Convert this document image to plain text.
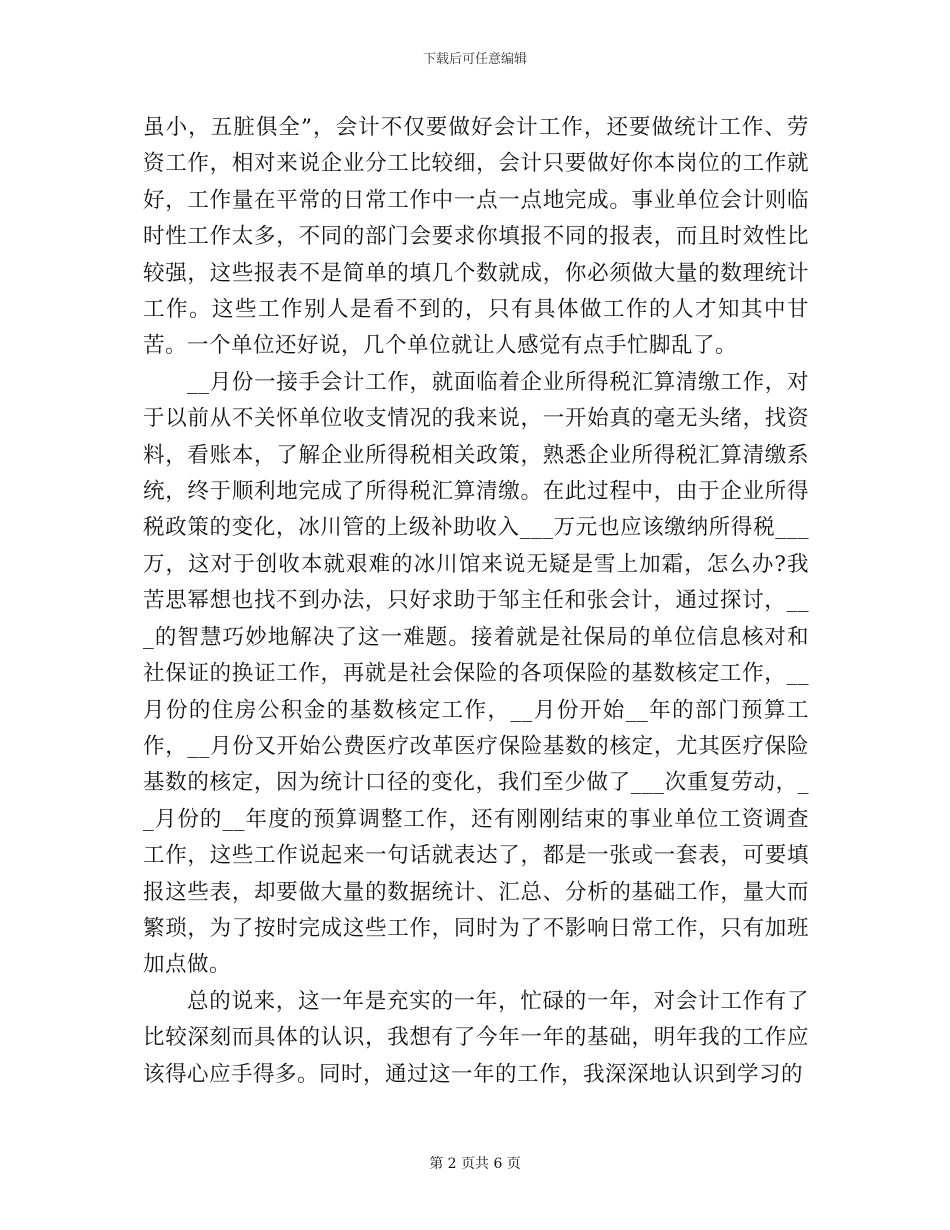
下载后可任意编辑

虽小，五脏俱全”，会计不仅要做好会计工作，还要做统计工作、劳资工作，相对来说企业分工比较细，会计只要做好你本岗位的工作就好，工作量在平常的日常工作中一点一点地完成。事业单位会计则临时性工作太多，不同的部门会要求你填报不同的报表，而且时效性比较强，这些报表不是简单的填几个数就成，你必须做大量的数理统计工作。这些工作别人是看不到的，只有具体做工作的人才知其中甘苦。一个单位还好说，几个单位就让人感觉有点手忙脚乱了。

__月份一接手会计工作，就面临着企业所得税汇算清缴工作，对于以前从不关怀单位收支情况的我来说，一开始真的毫无头绪，找资料，看账本，了解企业所得税相关政策，熟悉企业所得税汇算清缴系统，终于顺利地完成了所得税汇算清缴。在此过程中，由于企业所得税政策的变化，冰川管的上级补助收入___万元也应该缴纳所得税___万，这对于创收本就艰难的冰川馆来说无疑是雪上加霜，怎么办?我苦思幂想也找不到办法，只好求助于邹主任和张会计，通过探讨，___的智慧巧妙地解决了这一难题。接着就是社保局的单位信息核对和社保证的换证工作，再就是社会保险的各项保险的基数核定工作，__月份的住房公积金的基数核定工作，__月份开始__年的部门预算工作，__月份又开始公费医疗改革医疗保险基数的核定，尤其医疗保险基数的核定，因为统计口径的变化，我们至少做了___次重复劳动，__月份的__年度的预算调整工作，还有刚刚结束的事业单位工资调查工作，这些工作说起来一句话就表达了，都是一张或一套表，可要填报这些表，却要做大量的数据统计、汇总、分析的基础工作，量大而繁琐，为了按时完成这些工作，同时为了不影响日常工作，只有加班加点做。

总的说来，这一年是充实的一年，忙碌的一年，对会计工作有了比较深刻而具体的认识，我想有了今年一年的基础，明年我的工作应该得心应手得多。同时，通过这一年的工作，我深深地认识到学习的

第 2 页共 6 页
